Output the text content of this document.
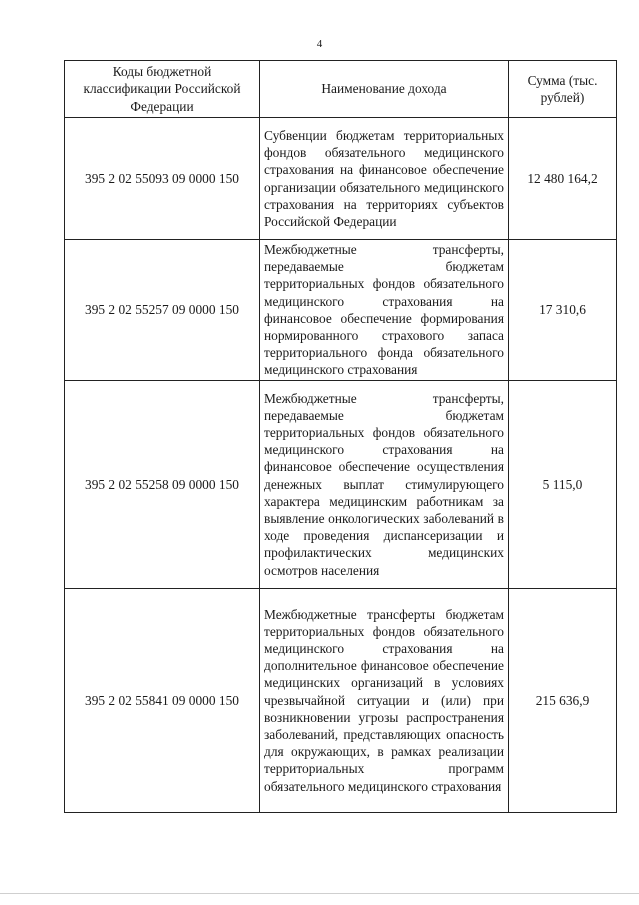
4
Коды бюджетной классификации Российской Федерации	Наименование дохода	Сумма (тыс. рублей)
395 2 02 55093 09 0000 150	Субвенции бюджетам территориальных фондов обязательного медицинского страхования на финансовое обеспечение организации обязательного медицинского страхования на территориях субъектов Российской Федерации	12 480 164,2
395 2 02 55257 09 0000 150	Межбюджетные трансферты, передаваемые бюджетам территориальных фондов обязательного медицинского страхования на финансовое обеспечение формирования нормированного страхового запаса территориального фонда обязательного медицинского страхования	17 310,6
395 2 02 55258 09 0000 150	Межбюджетные трансферты, передаваемые бюджетам территориальных фондов обязательного медицинского страхования на финансовое обеспечение осуществления денежных выплат стимулирующего характера медицинским работникам за выявление онкологических заболеваний в ходе проведения диспансеризации и профилактических медицинских осмотров населения	5 115,0
395 2 02 55841 09 0000 150	Межбюджетные трансферты бюджетам территориальных фондов обязательного медицинского страхования на дополнительное финансовое обеспечение медицинских организаций в условиях чрезвычайной ситуации и (или) при возникновении угрозы распространения заболеваний, представляющих опасность для окружающих, в рамках реализации территориальных программ обязательного медицинского страхования	215 636,9
